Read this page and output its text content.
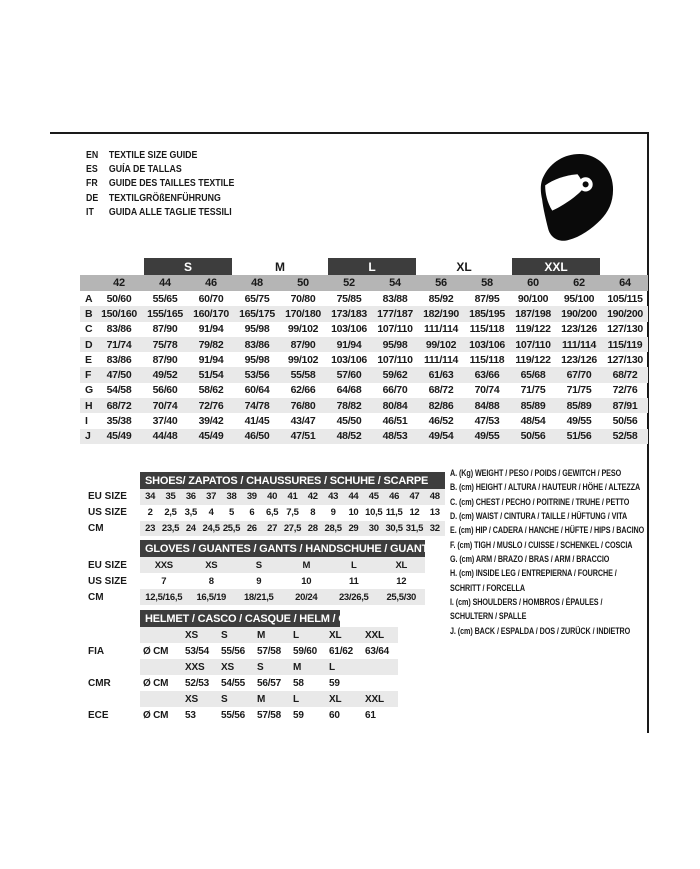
EN	TEXTILE SIZE GUIDE
ES	GUÍA DE TALLAS
FR	GUIDE DES TAILLES TEXTILE
DE	TEXTILGRÖßENFÜHRUNG
IT	GUIDA ALLE TAGLIE TESSILI
S	M	L	XL	XXL
42	44	46	48	50	52	54	56	58	60	62	64
A	50/60	55/65	60/70	65/75	70/80	75/85	83/88	85/92	87/95	90/100	95/100	105/115
B 150/160 155/165 160/170 165/175 170/180 173/183 177/187 182/190 185/195 187/198 190/200 190/200
C	83/86	87/90	91/94	95/98	99/102	103/106 107/110	111/114	115/118	119/122 123/126 127/130
D	71/74	75/78	79/82	83/86	87/90	91/94	95/98	99/102	103/106 107/110	111/114	115/119
E	83/86	87/90	91/94	95/98	99/102	103/106 107/110	111/114	115/118	119/122 123/126 127/130
F	47/50	49/52	51/54	53/56	55/58	57/60	59/62	61/63	63/66	65/68	67/70	68/72
G	54/58	56/60	58/62	60/64	62/66	64/68	66/70	68/72	70/74	71/75	71/75	72/76
H	68/72	70/74	72/76	74/78	76/80	78/82	80/84	82/86	84/88	85/89	85/89	87/91
I	35/38	37/40	39/42	41/45	43/47	45/50	46/51	46/52	47/53	48/54	49/55	50/56
J	45/49	44/48	45/49	46/50	47/51	48/52	48/53	49/54	49/55	50/56	51/56	52/58
SHOES/ ZAPATOS / CHAUSSURES / SCHUHE / SCARPE
EU SIZE	34	35	36	37	38	39	40	41	42	43	44	45	46	47	48
US SIZE	2	2,5 3,5	4	5	6	6,5 7,5	8	9	10 10,5 11,5 12	13
CM	23 23,5 24 24,5 25,5 26	27 27,5 28 28,5 29	30 30,5 31,5 32
GLOVES / GUANTES / GANTS / HANDSCHUHE / GUANTI
EU SIZE	XXS	XS	S	M	L	XL
US SIZE	7	8	9	10	11	12
CM	12,5/16,5	16,5/19	18/21,5	20/24	23/26,5	25,5/30
HELMET / CASCO / CASQUE / HELM / CASCO
XS	S	M	L	XL	XXL
FIA	Ø CM	53/54	55/56	57/58	59/60	61/62	63/64
XXS	XS	S	M	L
CMR	Ø CM	52/53	54/55	56/57	58	59
XS	S	M	L	XL	XXL
ECE	Ø CM	53	55/56	57/58	59	60	61
A. (Kg) WEIGHT / PESO / POIDS / GEWITCH / PESO
B. (cm) HEIGHT / ALTURA / HAUTEUR / HÖHE / ALTEZZA
C. (cm) CHEST / PECHO / POITRINE / TRUHE / PETTO
D. (cm) WAIST / CINTURA / TAILLE / HÜFTUNG / VITA
E. (cm) HIP / CADERA / HANCHE / HÜFTE / HIPS / BACINO
F. (cm) TIGH / MUSLO / CUISSE / SCHENKEL / COSCIA
G. (cm) ARM / BRAZO / BRAS / ARM / BRACCIO
H. (cm) INSIDE LEG / ENTREPIERNA / FOURCHE /
SCHRITT / FORCELLA
I. (cm) SHOULDERS / HOMBROS / ÉPAULES /
SCHULTERN / SPALLE
J. (cm) BACK / ESPALDA / DOS / ZURÜCK / INDIETRO
